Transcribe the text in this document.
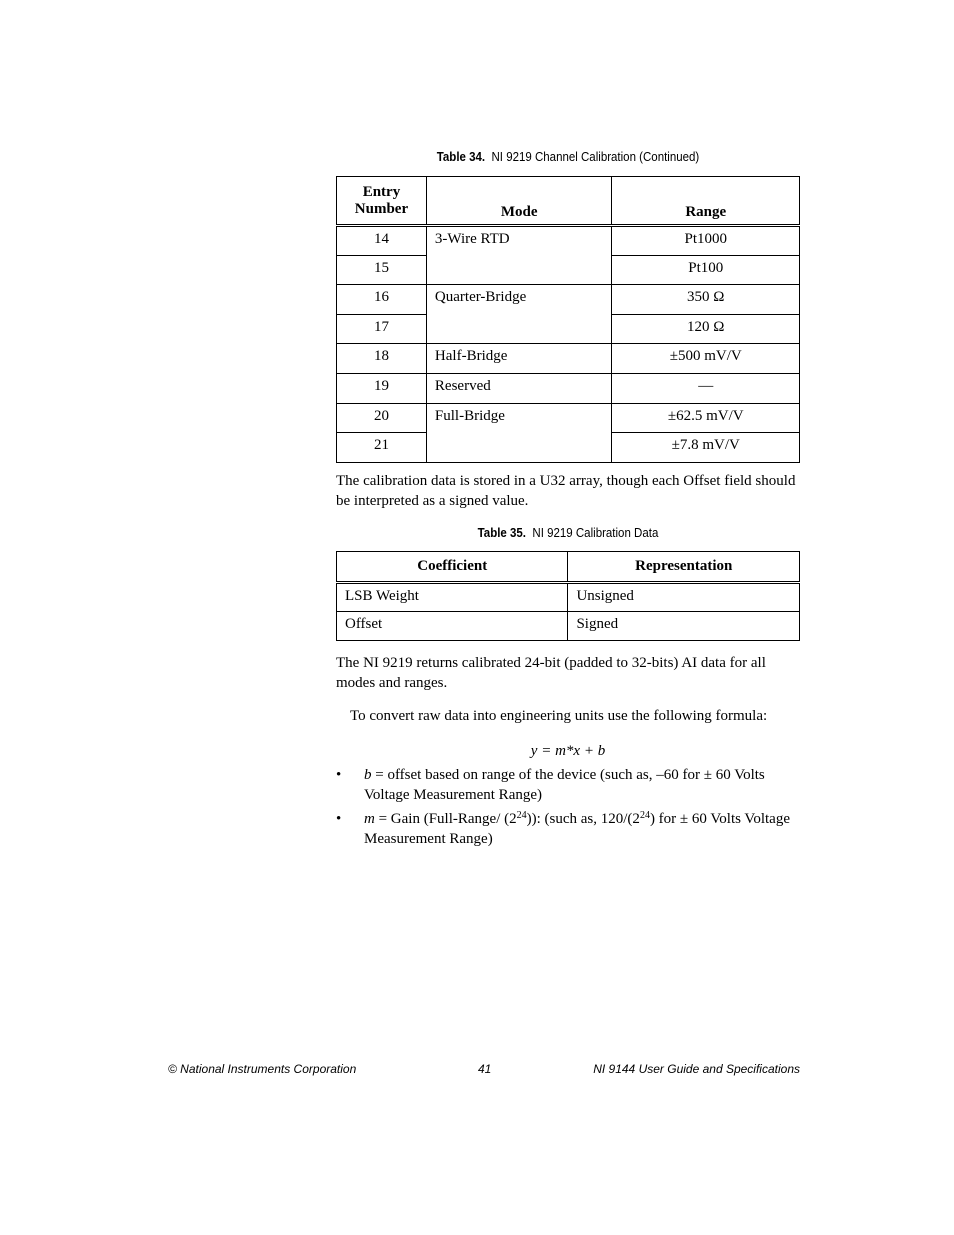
Table 34. NI 9219 Channel Calibration (Continued)
Entry Number	Mode	Range
14	3-Wire RTD	Pt1000
15		Pt100
16	Quarter-Bridge	350 Ω
17		120 Ω
18	Half-Bridge	±500 mV/V
19	Reserved	—
20	Full-Bridge	±62.5 mV/V
21		±7.8 mV/V
The calibration data is stored in a U32 array, though each Offset field should be interpreted as a signed value.
Table 35. NI 9219 Calibration Data
Coefficient	Representation
LSB Weight	Unsigned
Offset	Signed
The NI 9219 returns calibrated 24-bit (padded to 32-bits) AI data for all modes and ranges.
To convert raw data into engineering units use the following formula:
y = m*x + b
• b = offset based on range of the device (such as, –60 for ± 60 Volts Voltage Measurement Range)
• m = Gain (Full-Range/ $(2^{24})$): (such as, $120/(2^{24})$ for ± 60 Volts Voltage Measurement Range)
© National Instruments Corporation	41	NI 9144 User Guide and Specifications
